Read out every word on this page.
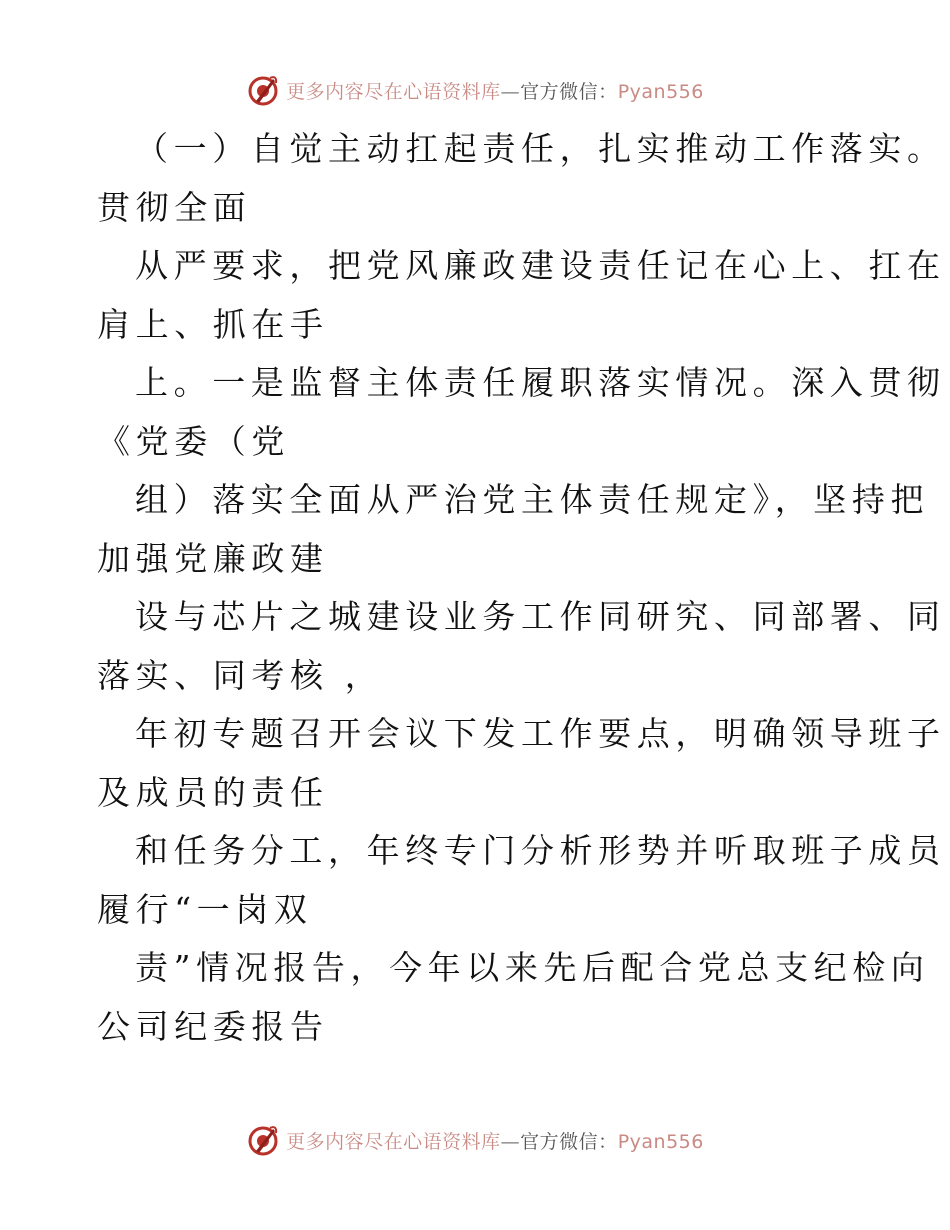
更多内容尽在心语资料库—官方微信：Pyan556
（一）自觉主动扛起责任，扎实推动工作落实。
贯彻全面
从严要求，把党风廉政建设责任记在心上、扛在
肩上、抓在手
上。一是监督主体责任履职落实情况。深入贯彻
《党委（党
组）落实全面从严治党主体责任规定》，坚持把
加强党廉政建
设与芯片之城建设业务工作同研究、同部署、同
落实、同考核 ，
年初专题召开会议下发工作要点，明确领导班子
及成员的责任
和任务分工，年终专门分析形势并听取班子成员
履行“一岗双
责”情况报告，今年以来先后配合党总支纪检向
公司纪委报告
更多内容尽在心语资料库—官方微信：Pyan556
